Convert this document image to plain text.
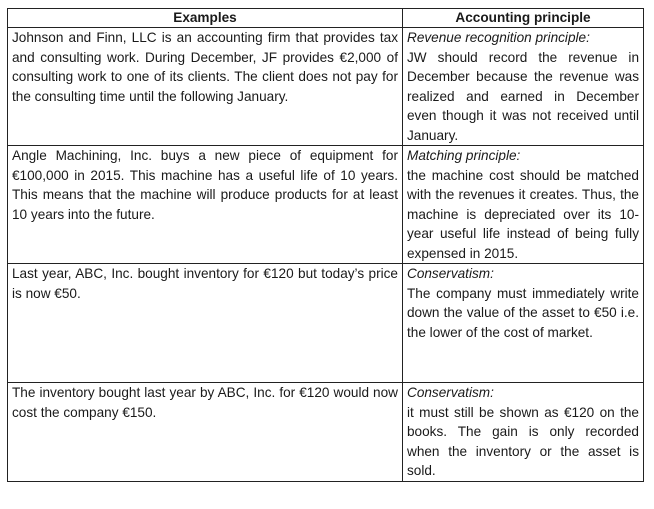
Examples	Accounting principle
Johnson and Finn, LLC is an accounting firm that provides tax and consulting work. During December, JF provides €2,000 of consulting work to one of its clients. The client does not pay for the consulting time until the following January.	Revenue recognition principle:
JW should record the revenue in December because the revenue was realized and earned in December even though it was not received until January.

Angle Machining, Inc. buys a new piece of equipment for €100,000 in 2015. This machine has a useful life of 10 years. This means that the machine will produce products for at least 10 years into the future.	Matching principle:
the machine cost should be matched with the revenues it creates. Thus, the machine is depreciated over its 10-year useful life instead of being fully expensed in 2015.

Last year, ABC, Inc. bought inventory for €120 but today’s price is now €50.	Conservatism:
The company must immediately write down the value of the asset to €50 i.e. the lower of the cost of market.

The inventory bought last year by ABC, Inc. for €120 would now cost the company €150.	Conservatism:
it must still be shown as €120 on the books. The gain is only recorded when the inventory or the asset is sold.
